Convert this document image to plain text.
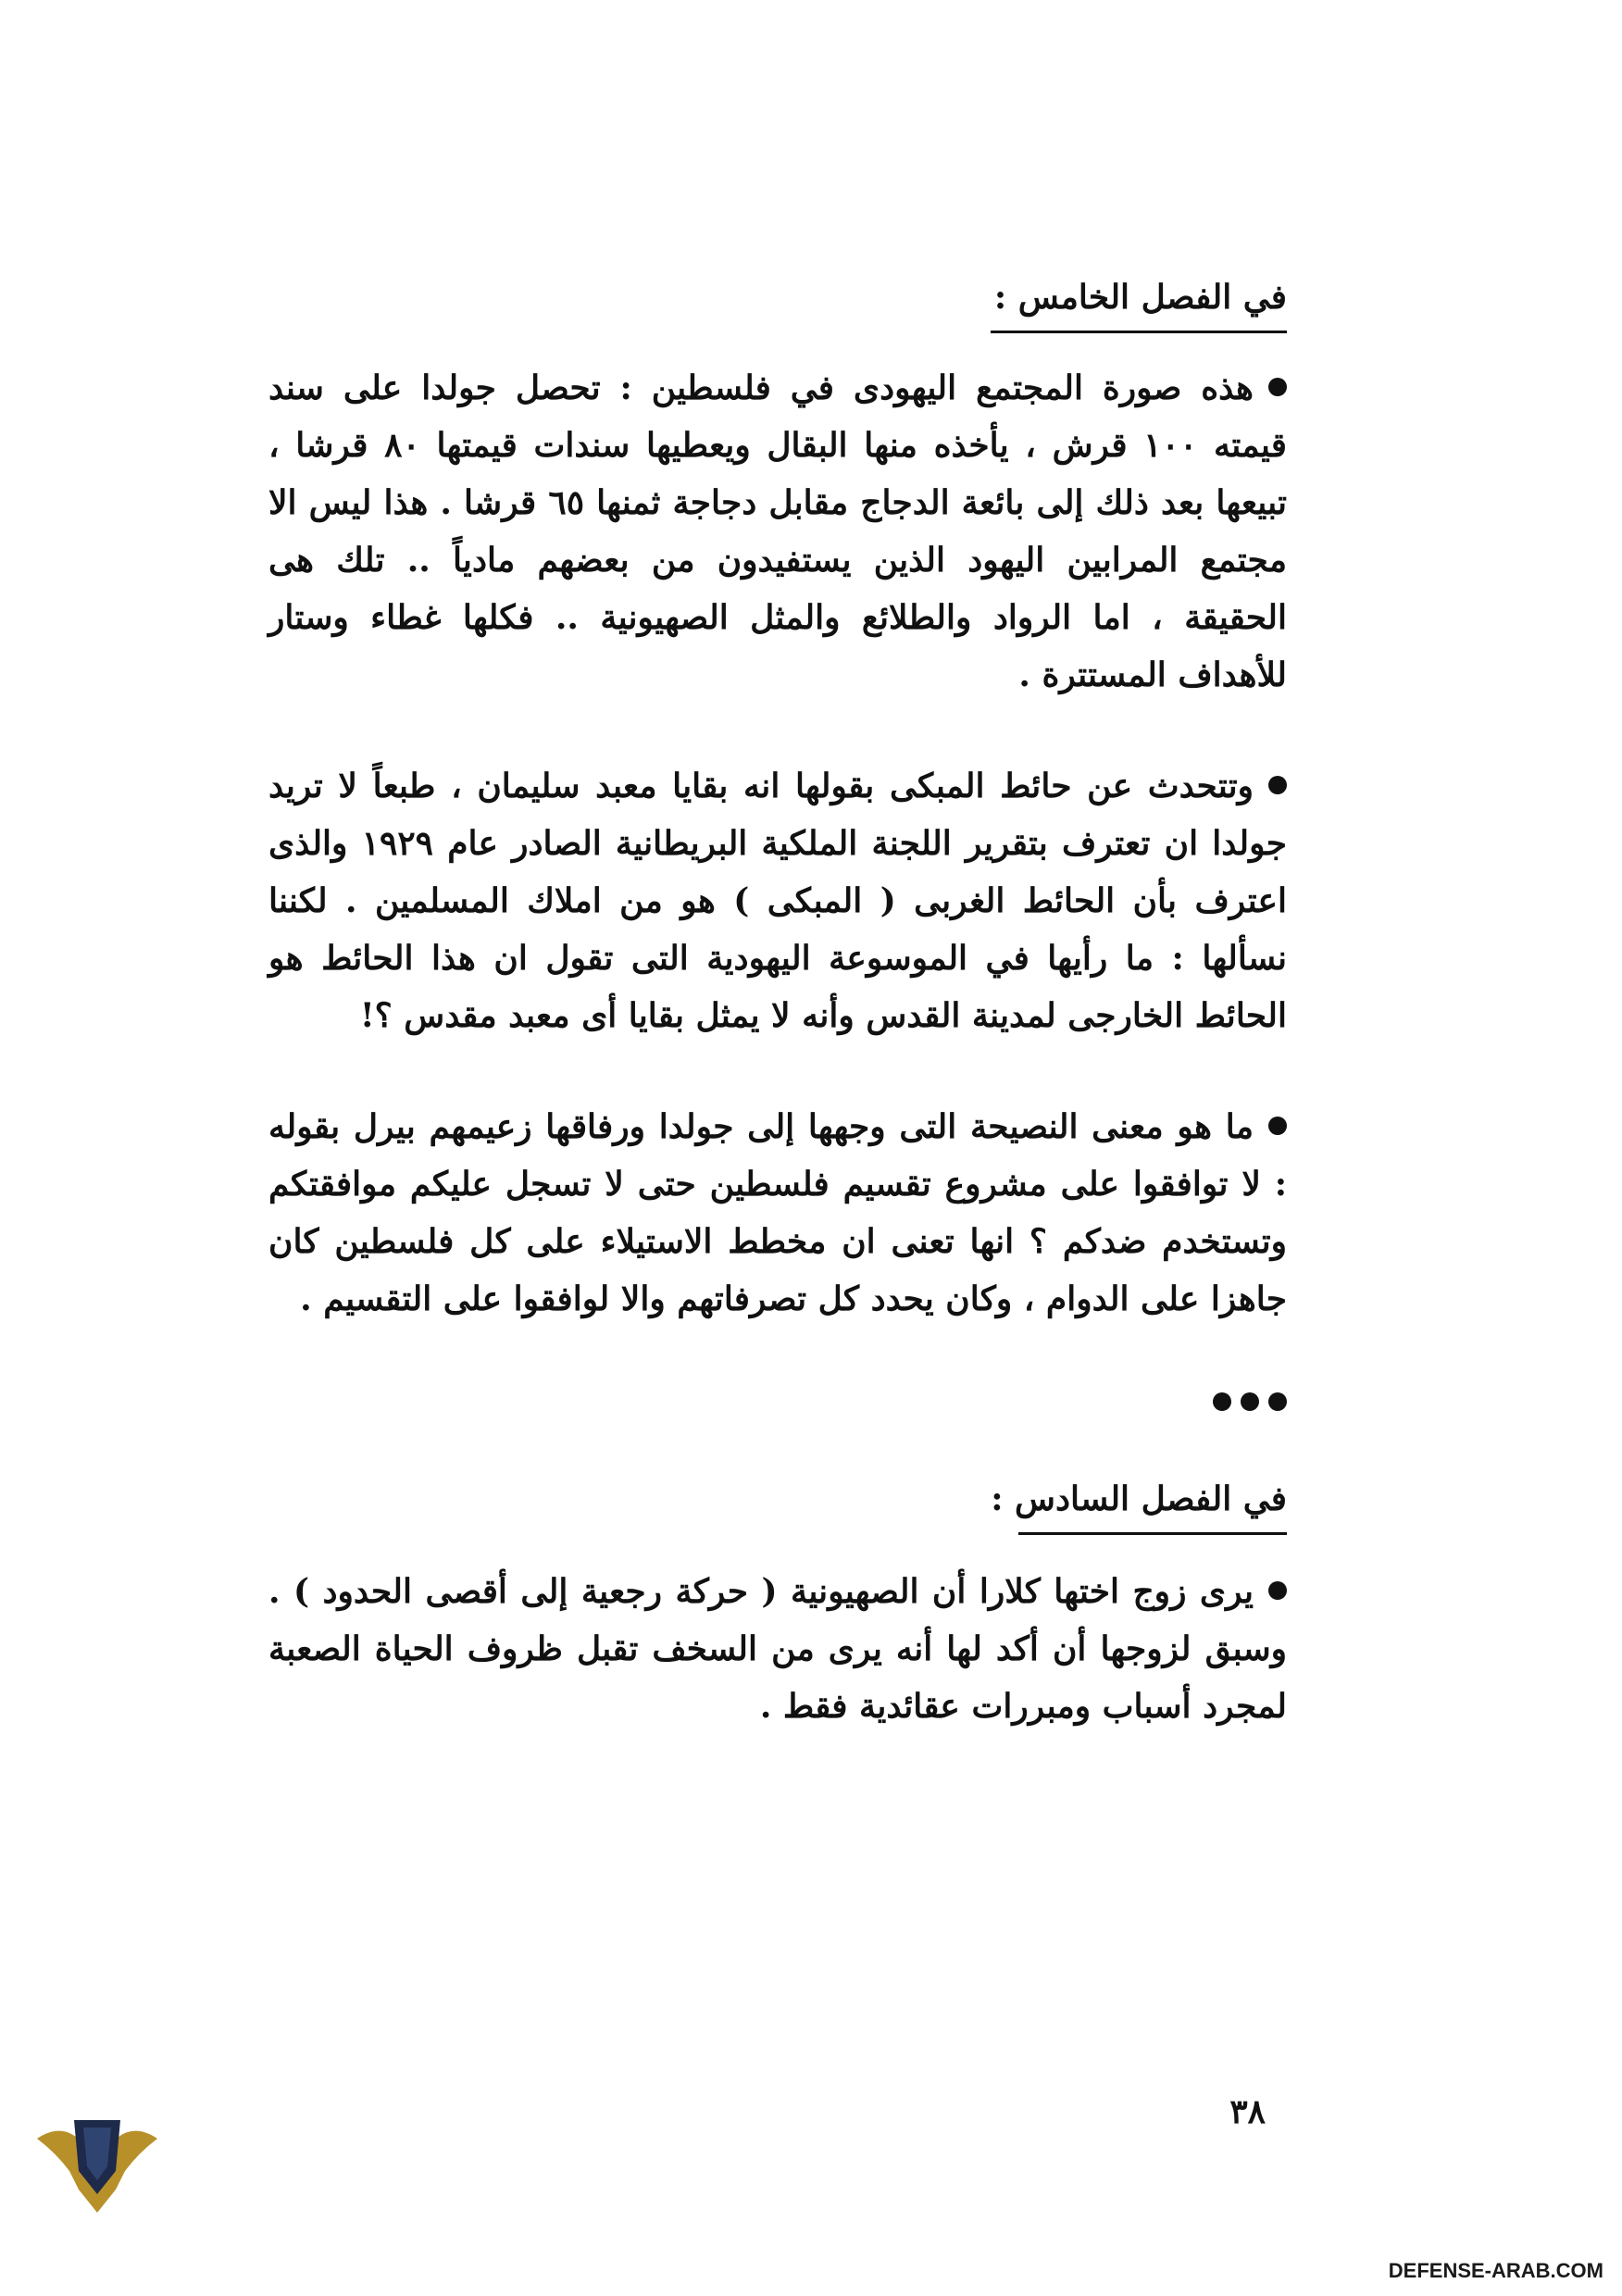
في الفصل الخامس :

هذه صورة المجتمع اليهودى في فلسطين : تحصل جولدا على سند قيمته ١٠٠ قرش ، يأخذه منها البقال ويعطيها سندات قيمتها ٨٠ قرشا ، تبيعها بعد ذلك إلى بائعة الدجاج مقابل دجاجة ثمنها ٦٥ قرشا . هذا ليس الا مجتمع المرابين اليهود الذين يستفيدون من بعضهم مادياً .. تلك هى الحقيقة ، اما الرواد والطلائع والمثل الصهيونية .. فكلها غطاء وستار للأهداف المستترة .

وتتحدث عن حائط المبكى بقولها انه بقايا معبد سليمان ، طبعاً لا تريد جولدا ان تعترف بتقرير اللجنة الملكية البريطانية الصادر عام ١٩٢٩ والذى اعترف بأن الحائط الغربى ( المبكى ) هو من املاك المسلمين . لكننا نسألها : ما رأيها في الموسوعة اليهودية التى تقول ان هذا الحائط هو الحائط الخارجى لمدينة القدس وأنه لا يمثل بقايا أى معبد مقدس ؟!

ما هو معنى النصيحة التى وجهها إلى جولدا ورفاقها زعيمهم بيرل بقوله : لا توافقوا على مشروع تقسيم فلسطين حتى لا تسجل عليكم موافقتكم وتستخدم ضدكم ؟ انها تعنى ان مخطط الاستيلاء على كل فلسطين كان جاهزا على الدوام ، وكان يحدد كل تصرفاتهم والا لوافقوا على التقسيم .

في الفصل السادس :

يرى زوج اختها كلارا أن الصهيونية ( حركة رجعية إلى أقصى الحدود ) . وسبق لزوجها أن أكد لها أنه يرى من السخف تقبل ظروف الحياة الصعبة لمجرد أسباب ومبررات عقائدية فقط .

٣٨
DEFENSE-ARAB.COM
